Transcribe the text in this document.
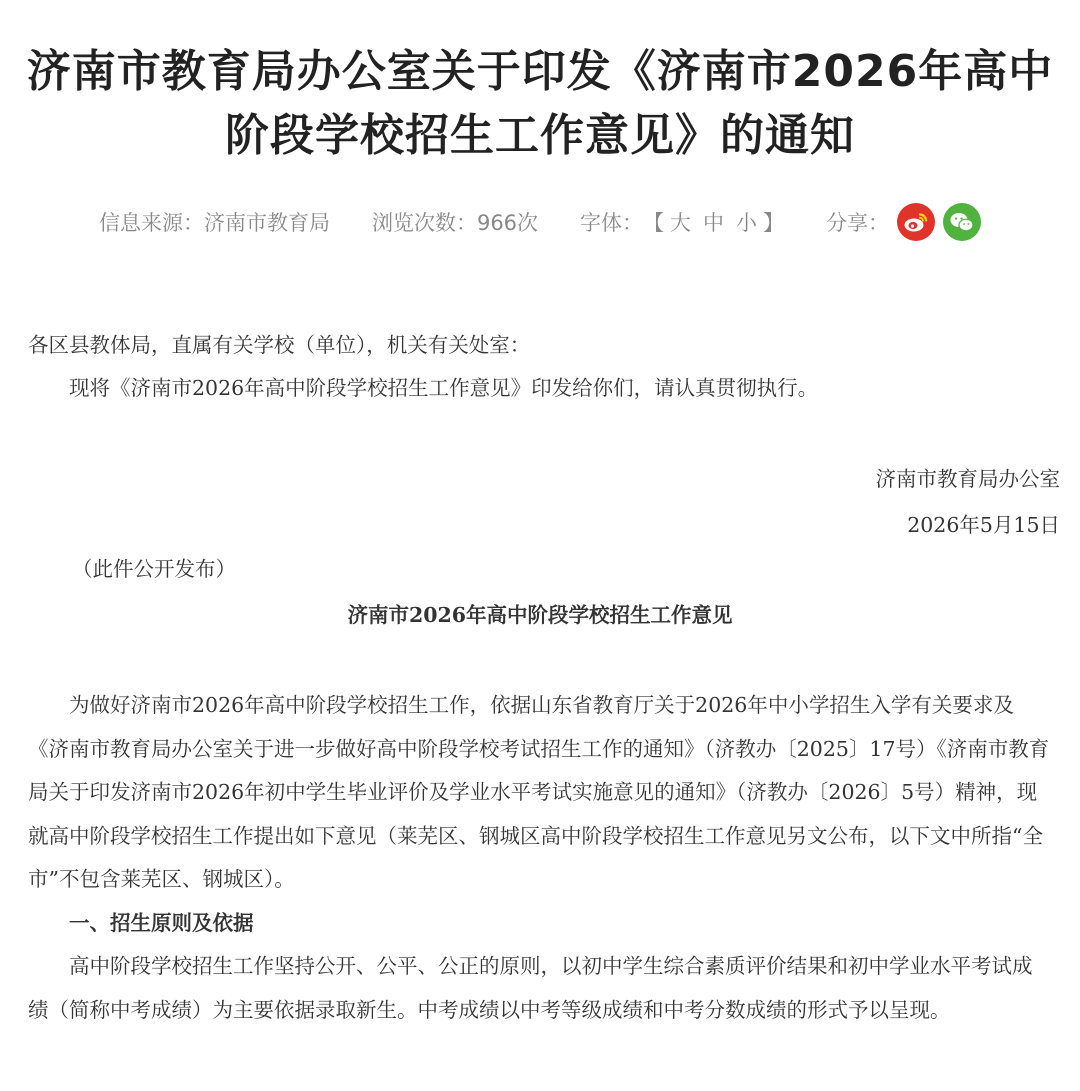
济南市教育局办公室关于印发《济南市2026年高中阶段学校招生工作意见》的通知
信息来源：济南市教育局 浏览次数：966次 字体： 【 大 中 小 】 分享：

各区县教体局，直属有关学校（单位），机关有关处室：

现将《济南市2026年高中阶段学校招生工作意见》印发给你们，请认真贯彻执行。

济南市教育局办公室

2026年5月15日

（此件公开发布）

济南市2026年高中阶段学校招生工作意见

为做好济南市2026年高中阶段学校招生工作，依据山东省教育厅关于2026年中小学招生入学有关要求及《济南市教育局办公室关于进一步做好高中阶段学校考试招生工作的通知》（济教办〔2025〕17号）《济南市教育局关于印发济南市2026年初中学生毕业评价及学业水平考试实施意见的通知》（济教办〔2026〕5号）精神，现就高中阶段学校招生工作提出如下意见（莱芜区、钢城区高中阶段学校招生工作意见另文公布，以下文中所指“全市”不包含莱芜区、钢城区）。

一、招生原则及依据

高中阶段学校招生工作坚持公开、公平、公正的原则，以初中学生综合素质评价结果和初中学业水平考试成绩（简称中考成绩）为主要依据录取新生。中考成绩以中考等级成绩和中考分数成绩的形式予以呈现。
